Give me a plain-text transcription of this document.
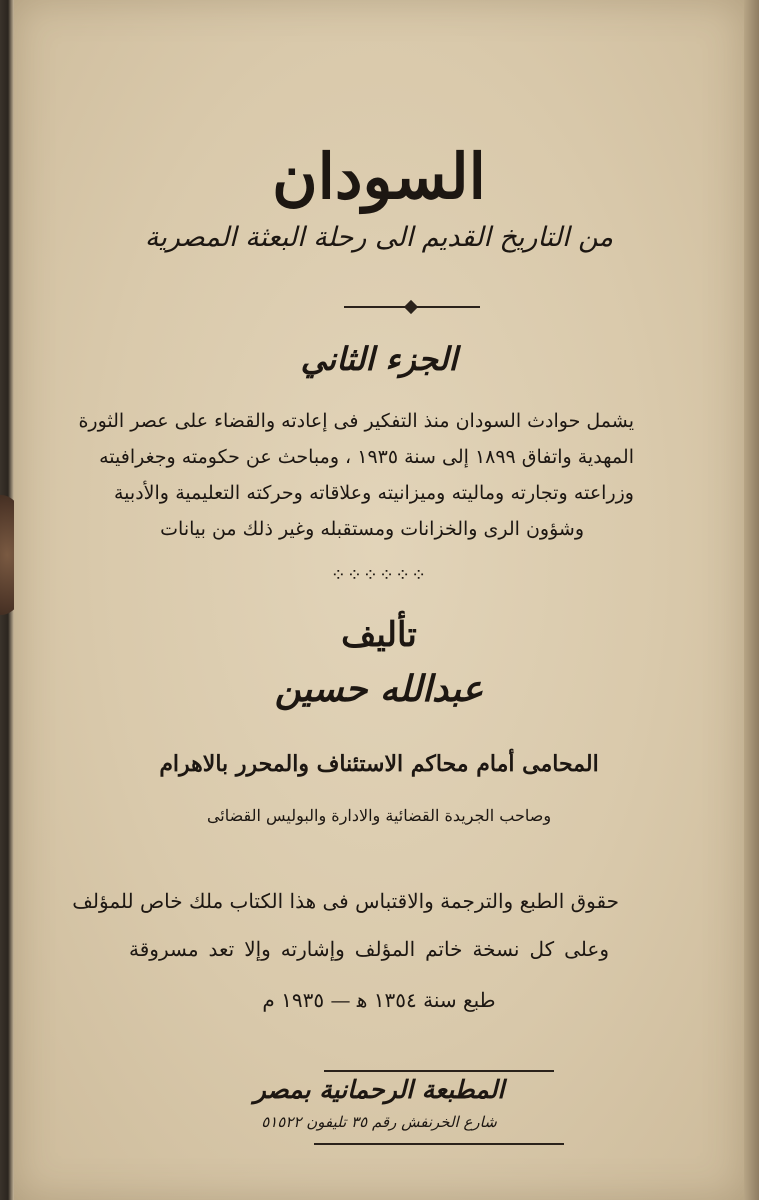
السودان
من التاريخ القديم الى رحلة البعثة المصرية
الجزء الثاني
يشمل حوادث السودان منذ التفكير فى إعادته والقضاء على عصر الثورة
المهدية واتفاق ١٨٩٩ إلى سنة ١٩٣٥ ، ومباحث عن حكومته وجغرافيته
وزراعته وتجارته وماليته وميزانيته وعلاقاته وحركته التعليمية والأدبية
وشؤون الرى والخزانات ومستقبله وغير ذلك من بيانات
⁘⁘⁘⁘⁘⁘
تأليف
عبدالله حسين
المحامى أمام محاكم الاستئناف والمحرر بالاهرام
وصاحب الجريدة القضائية والادارة والبوليس القضائى
حقوق الطبع والترجمة والاقتباس فى هذا الكتاب ملك خاص للمؤلف
وعلى كل نسخة خاتم المؤلف وإشارته وإلا تعد مسروقة
طبع سنة ١٣٥٤ ﻫ — ١٩٣٥ م
المطبعة الرحمانية بمصر
شارع الخرنفش رقم ٣٥ تليفون ٥١٥٢٢
